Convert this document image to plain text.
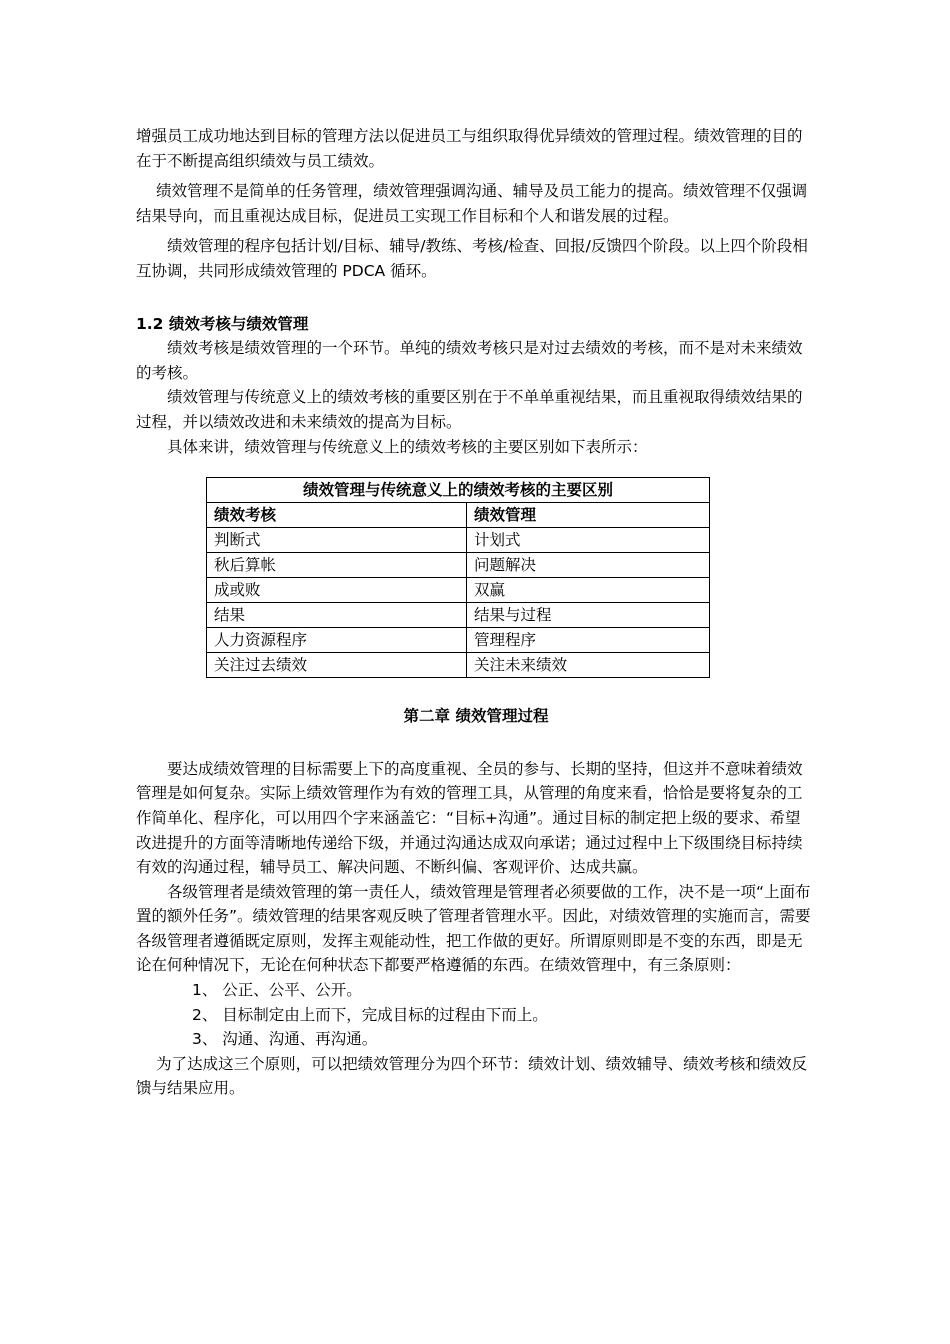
增强员工成功地达到目标的管理方法以促进员工与组织取得优异绩效的管理过程。绩效管理的目的在于不断提高组织绩效与员工绩效。

绩效管理不是简单的任务管理，绩效管理强调沟通、辅导及员工能力的提高。绩效管理不仅强调结果导向，而且重视达成目标，促进员工实现工作目标和个人和谐发展的过程。

绩效管理的程序包括计划/目标、辅导/教练、考核/检查、回报/反馈四个阶段。以上四个阶段相互协调，共同形成绩效管理的 PDCA 循环。

1.2 绩效考核与绩效管理

绩效考核是绩效管理的一个环节。单纯的绩效考核只是对过去绩效的考核，而不是对未来绩效的考核。

绩效管理与传统意义上的绩效考核的重要区别在于不单单重视结果，而且重视取得绩效结果的过程，并以绩效改进和未来绩效的提高为目标。

具体来讲，绩效管理与传统意义上的绩效考核的主要区别如下表所示：

绩效管理与传统意义上的绩效考核的主要区别	
绩效考核	绩效管理
判断式	计划式
秋后算帐	问题解决
成或败	双赢
结果	结果与过程
人力资源程序	管理程序
关注过去绩效	关注未来绩效

第二章 绩效管理过程

要达成绩效管理的目标需要上下的高度重视、全员的参与、长期的坚持，但这并不意味着绩效管理是如何复杂。实际上绩效管理作为有效的管理工具，从管理的角度来看，恰恰是要将复杂的工作简单化、程序化，可以用四个字来涵盖它：“目标+沟通”。通过目标的制定把上级的要求、希望改进提升的方面等清晰地传递给下级，并通过沟通达成双向承诺；通过过程中上下级围绕目标持续有效的沟通过程，辅导员工、解决问题、不断纠偏、客观评价、达成共赢。

各级管理者是绩效管理的第一责任人，绩效管理是管理者必须要做的工作，决不是一项“上面布置的额外任务”。绩效管理的结果客观反映了管理者管理水平。因此，对绩效管理的实施而言，需要各级管理者遵循既定原则，发挥主观能动性，把工作做的更好。所谓原则即是不变的东西，即是无论在何种情况下，无论在何种状态下都要严格遵循的东西。在绩效管理中，有三条原则：

1、 公正、公平、公开。

2、 目标制定由上而下，完成目标的过程由下而上。

3、 沟通、沟通、再沟通。

为了达成这三个原则，可以把绩效管理分为四个环节：绩效计划、绩效辅导、绩效考核和绩效反馈与结果应用。
